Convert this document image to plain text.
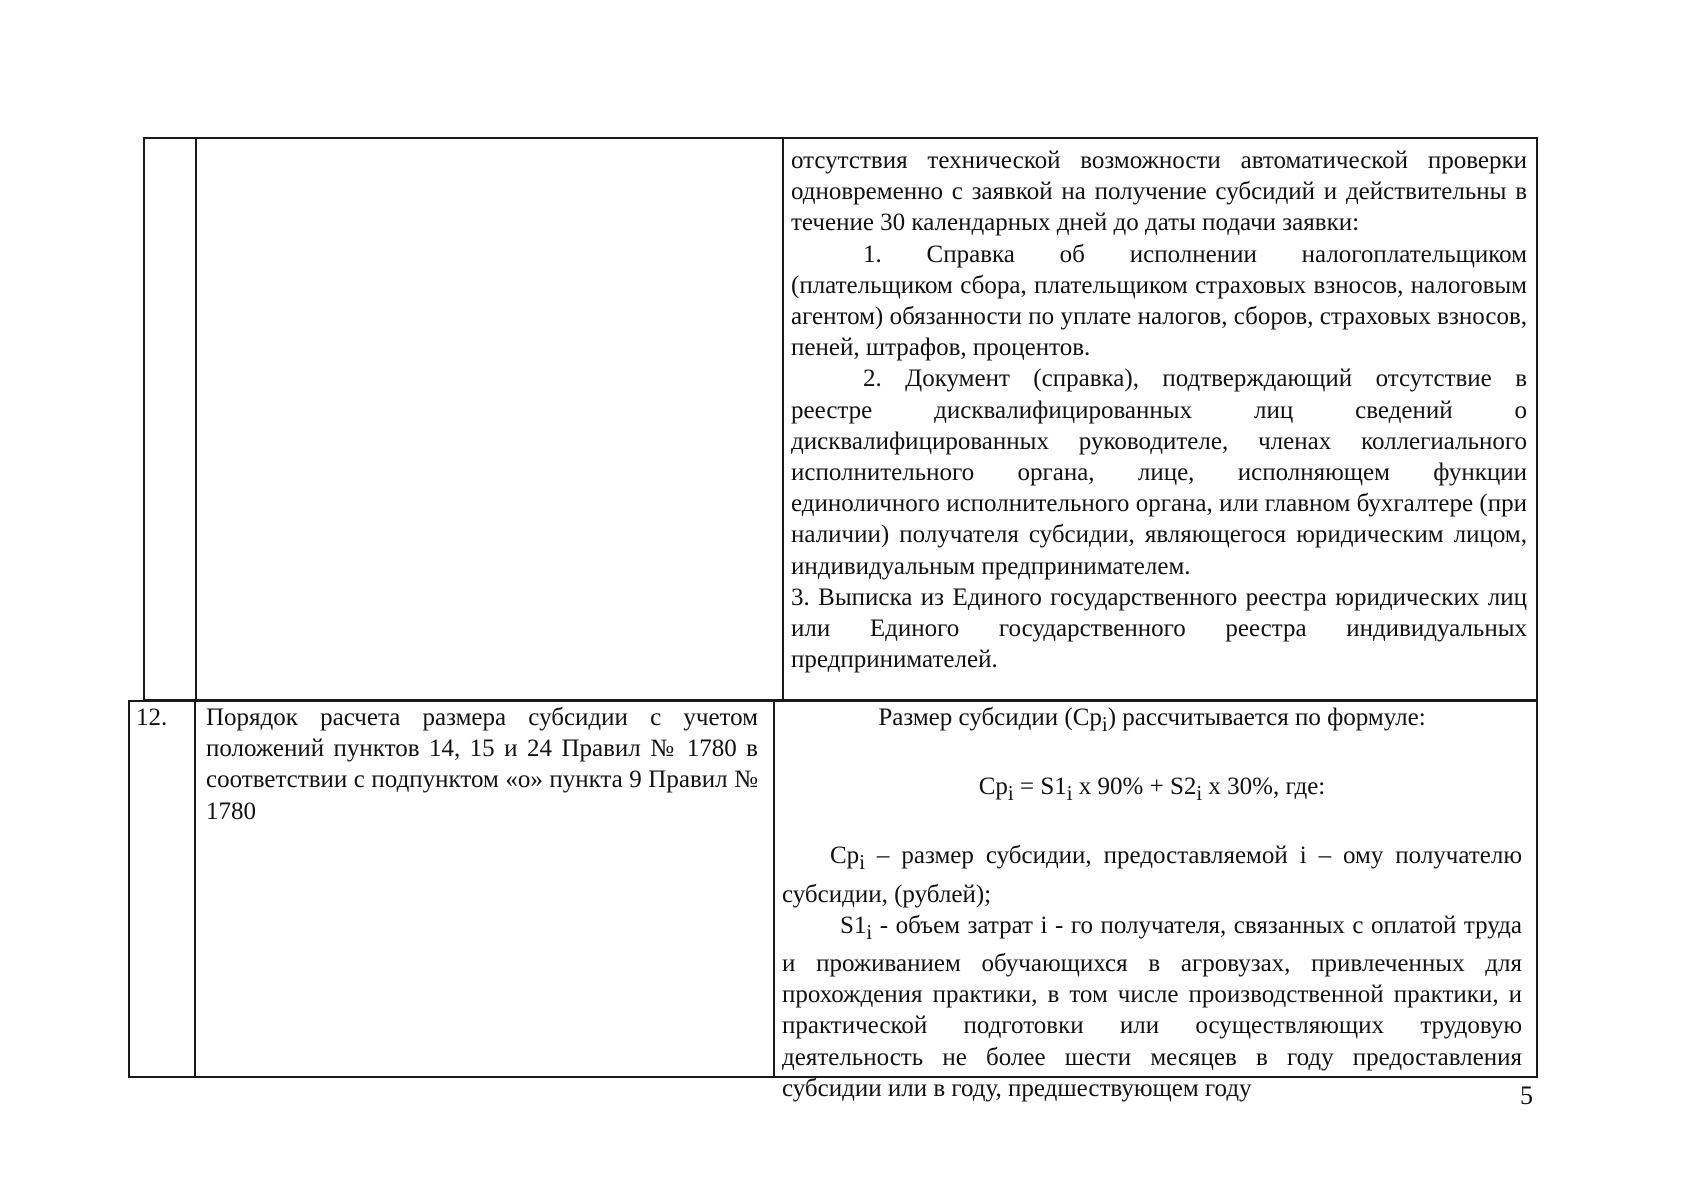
отсутствия технической возможности автоматической проверки одновременно с заявкой на получение субсидий и действительны в течение 30 календарных дней до даты подачи заявки:

1. Справка об исполнении налогоплательщиком (плательщиком сбора, плательщиком страховых взносов, налоговым агентом) обязанности по уплате налогов, сборов, страховых взносов, пеней, штрафов, процентов.

2. Документ (справка), подтверждающий отсутствие в реестре дисквалифицированных лиц сведений о дисквалифицированных руководителе, членах коллегиального исполнительного органа, лице, исполняющем функции единоличного исполнительного органа, или главном бухгалтере (при наличии) получателя субсидии, являющегося юридическим лицом, индивидуальным предпринимателем.

3. Выписка из Единого государственного реестра юридических лиц или Единого государственного реестра индивидуальных предпринимателей.

12.	Порядок расчета размера субсидии с учетом положений пунктов 14, 15 и 24 Правил № 1780 в соответствии с подпунктом «о» пункта 9 Правил № 1780

Размер субсидии $(Cp_i)$ рассчитывается по формуле:

$Cp_i = S1_i$ х $90\% + S2_i$ х 30%, где:

$Cp_i$ – размер субсидии, предоставляемой i – ому получателю субсидии, (рублей);

$S1_i$ - объем затрат i - го получателя, связанных с оплатой труда и проживанием обучающихся в агровузах, привлеченных для прохождения практики, в том числе производственной практики, и практической подготовки или осуществляющих трудовую деятельность не более шести месяцев в году предоставления субсидии или в году, предшествующем году	5
